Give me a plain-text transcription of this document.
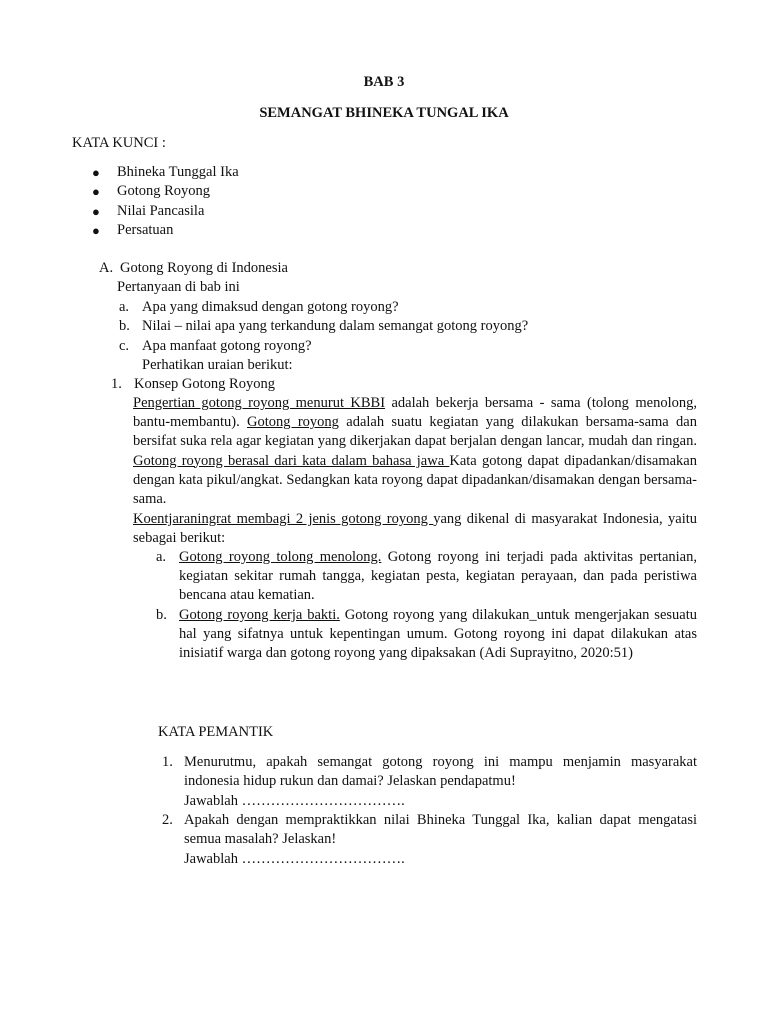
BAB 3
SEMANGAT BHINEKA TUNGAL IKA
KATA KUNCI :
● Bhineka Tunggal Ika
● Gotong Royong
● Nilai Pancasila
● Persatuan
A. Gotong Royong di Indonesia
Pertanyaan di bab ini
a. Apa yang dimaksud dengan gotong royong?
b. Nilai – nilai apa yang terkandung dalam semangat gotong royong?
c. Apa manfaat gotong royong?
Perhatikan uraian berikut:
1. Konsep Gotong Royong
Pengertian gotong royong menurut KBBI adalah bekerja bersama - sama (tolong menolong, bantu-membantu). Gotong royong adalah suatu kegiatan yang dilakukan bersama-sama dan bersifat suka rela agar kegiatan yang dikerjakan dapat berjalan dengan lancar, mudah dan ringan. Gotong royong berasal dari kata dalam bahasa jawa Kata gotong dapat dipadankan/disamakan dengan kata pikul/angkat. Sedangkan kata royong dapat dipadankan/disamakan dengan bersama-sama.
Koentjaraningrat membagi 2 jenis gotong royong yang dikenal di masyarakat Indonesia, yaitu sebagai berikut:
a. Gotong royong tolong menolong. Gotong royong ini terjadi pada aktivitas pertanian, kegiatan sekitar rumah tangga, kegiatan pesta, kegiatan perayaan, dan pada peristiwa bencana atau kematian.
b. Gotong royong kerja bakti. Gotong royong yang dilakukan_untuk mengerjakan sesuatu hal yang sifatnya untuk kepentingan umum. Gotong royong ini dapat dilakukan atas inisiatif warga dan gotong royong yang dipaksakan (Adi Suprayitno, 2020:51)
KATA PEMANTIK
1. Menurutmu, apakah semangat gotong royong ini mampu menjamin masyarakat indonesia hidup rukun dan damai? Jelaskan pendapatmu!
Jawablah …………………………….
2. Apakah dengan mempraktikkan nilai Bhineka Tunggal Ika, kalian dapat mengatasi semua masalah? Jelaskan!
Jawablah …………………………….
